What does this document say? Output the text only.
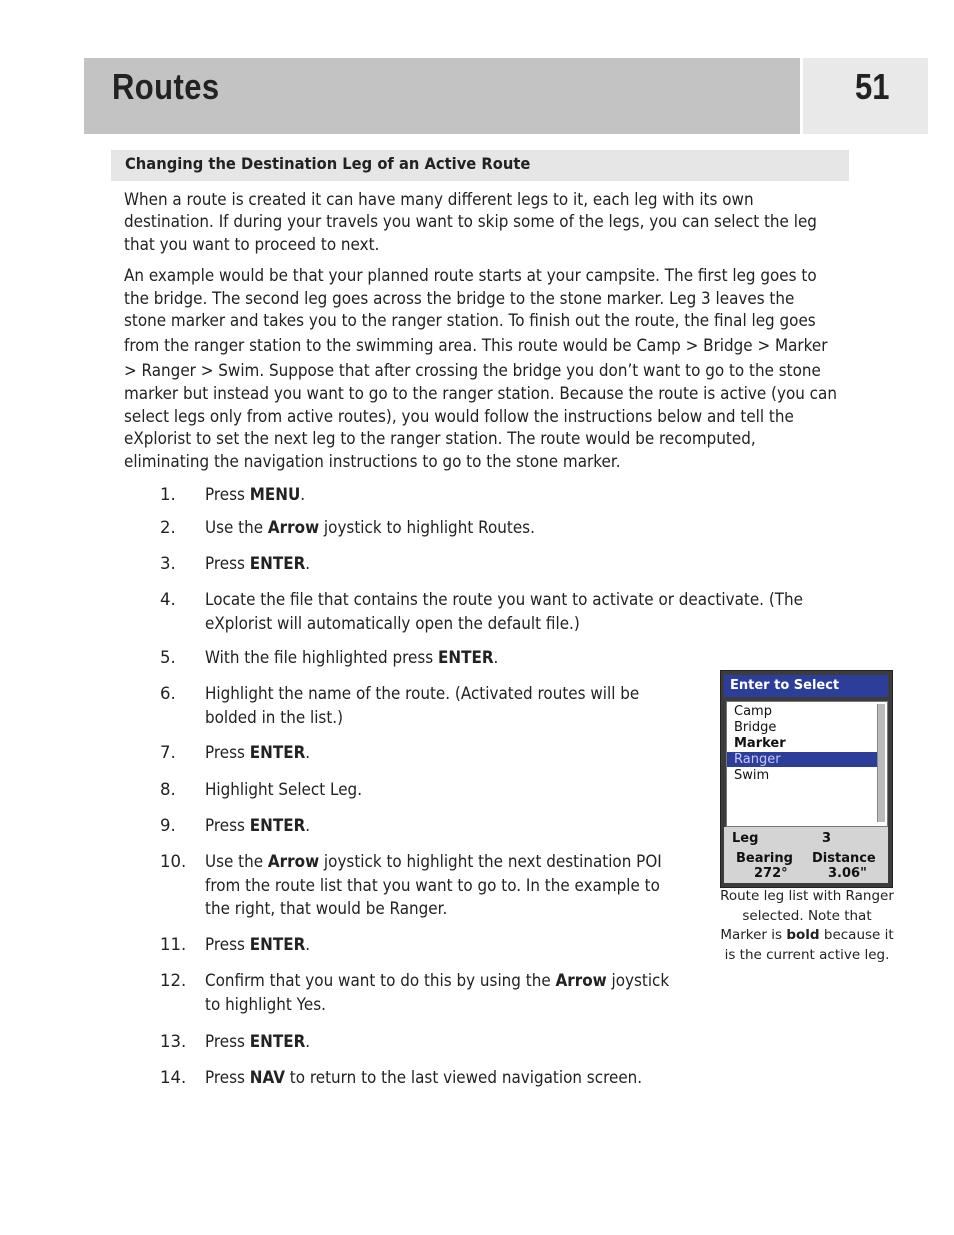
Routes	51
Changing the Destination Leg of an Active Route
When a route is created it can have many different legs to it, each leg with its own
destination. If during your travels you want to skip some of the legs, you can select the leg
that you want to proceed to next.
An example would be that your planned route starts at your campsite. The first leg goes to
the bridge. The second leg goes across the bridge to the stone marker. Leg 3 leaves the
stone marker and takes you to the ranger station. To finish out the route, the final leg goes
from the ranger station to the swimming area. This route would be Camp > Bridge > Marker
> Ranger > Swim. Suppose that after crossing the bridge you don’t want to go to the stone
marker but instead you want to go to the ranger station. Because the route is active (you can
select legs only from active routes), you would follow the instructions below and tell the
eXplorist to set the next leg to the ranger station. The route would be recomputed,
eliminating the navigation instructions to go to the stone marker.
1.	Press MENU.
2.	Use the Arrow joystick to highlight Routes.
3.	Press ENTER.
4.	Locate the file that contains the route you want to activate or deactivate. (The
eXplorist will automatically open the default file.)
5.	With the file highlighted press ENTER.
6.	Highlight the name of the route. (Activated routes will be
bolded in the list.)
7.	Press ENTER.
8.	Highlight Select Leg.
9.	Press ENTER.
10. Use the Arrow joystick to highlight the next destination POI
from the route list that you want to go to. In the example to
the right, that would be Ranger.
11. Press ENTER.
12. Confirm that you want to do this by using the Arrow joystick
to highlight Yes.
13. Press ENTER.
14. Press NAV to return to the last viewed navigation screen.
Enter to Select
Camp
Bridge
Marker
Ranger
Swim
Leg	3
Bearing Distance
272°	3.06"
Route leg list with Ranger
selected. Note that
Marker is bold because it
is the current active leg.
